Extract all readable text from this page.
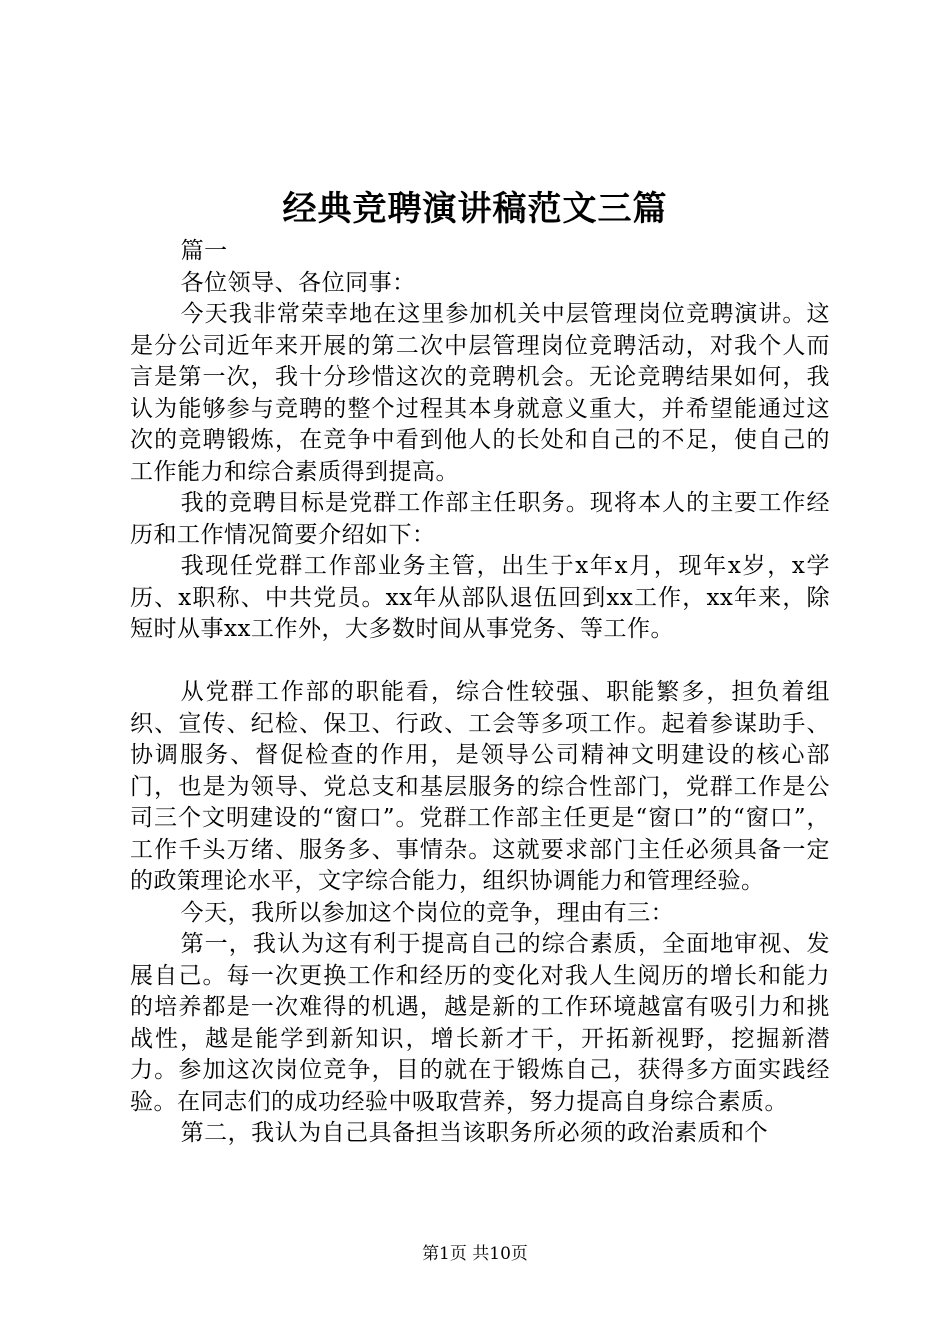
经典竞聘演讲稿范文三篇

篇一

各位领导、各位同事：

今天我非常荣幸地在这里参加机关中层管理岗位竞聘演讲。这是分公司近年来开展的第二次中层管理岗位竞聘活动，对我个人而言是第一次，我十分珍惜这次的竞聘机会。无论竞聘结果如何，我认为能够参与竞聘的整个过程其本身就意义重大，并希望能通过这次的竞聘锻炼，在竞争中看到他人的长处和自己的不足，使自己的工作能力和综合素质得到提高。

我的竞聘目标是党群工作部主任职务。现将本人的主要工作经历和工作情况简要介绍如下：

我现任党群工作部业务主管，出生于x年x月，现年x岁，x学历、x职称、中共党员。xx年从部队退伍回到xx工作，xx年来，除短时从事xx工作外，大多数时间从事党务、等工作。

从党群工作部的职能看，综合性较强、职能繁多，担负着组织、宣传、纪检、保卫、行政、工会等多项工作。起着参谋助手、协调服务、督促检查的作用，是领导公司精神文明建设的核心部门，也是为领导、党总支和基层服务的综合性部门，党群工作是公司三个文明建设的“窗口”。党群工作部主任更是“窗口”的“窗口”，工作千头万绪、服务多、事情杂。这就要求部门主任必须具备一定的政策理论水平，文字综合能力，组织协调能力和管理经验。

今天，我所以参加这个岗位的竞争，理由有三：

第一，我认为这有利于提高自己的综合素质，全面地审视、发展自己。每一次更换工作和经历的变化对我人生阅历的增长和能力的培养都是一次难得的机遇，越是新的工作环境越富有吸引力和挑战性，越是能学到新知识，增长新才干，开拓新视野，挖掘新潜力。参加这次岗位竞争，目的就在于锻炼自己，获得多方面实践经验。在同志们的成功经验中吸取营养，努力提高自身综合素质。

第二，我认为自己具备担当该职务所必须的政治素质和个

第1页 共10页
